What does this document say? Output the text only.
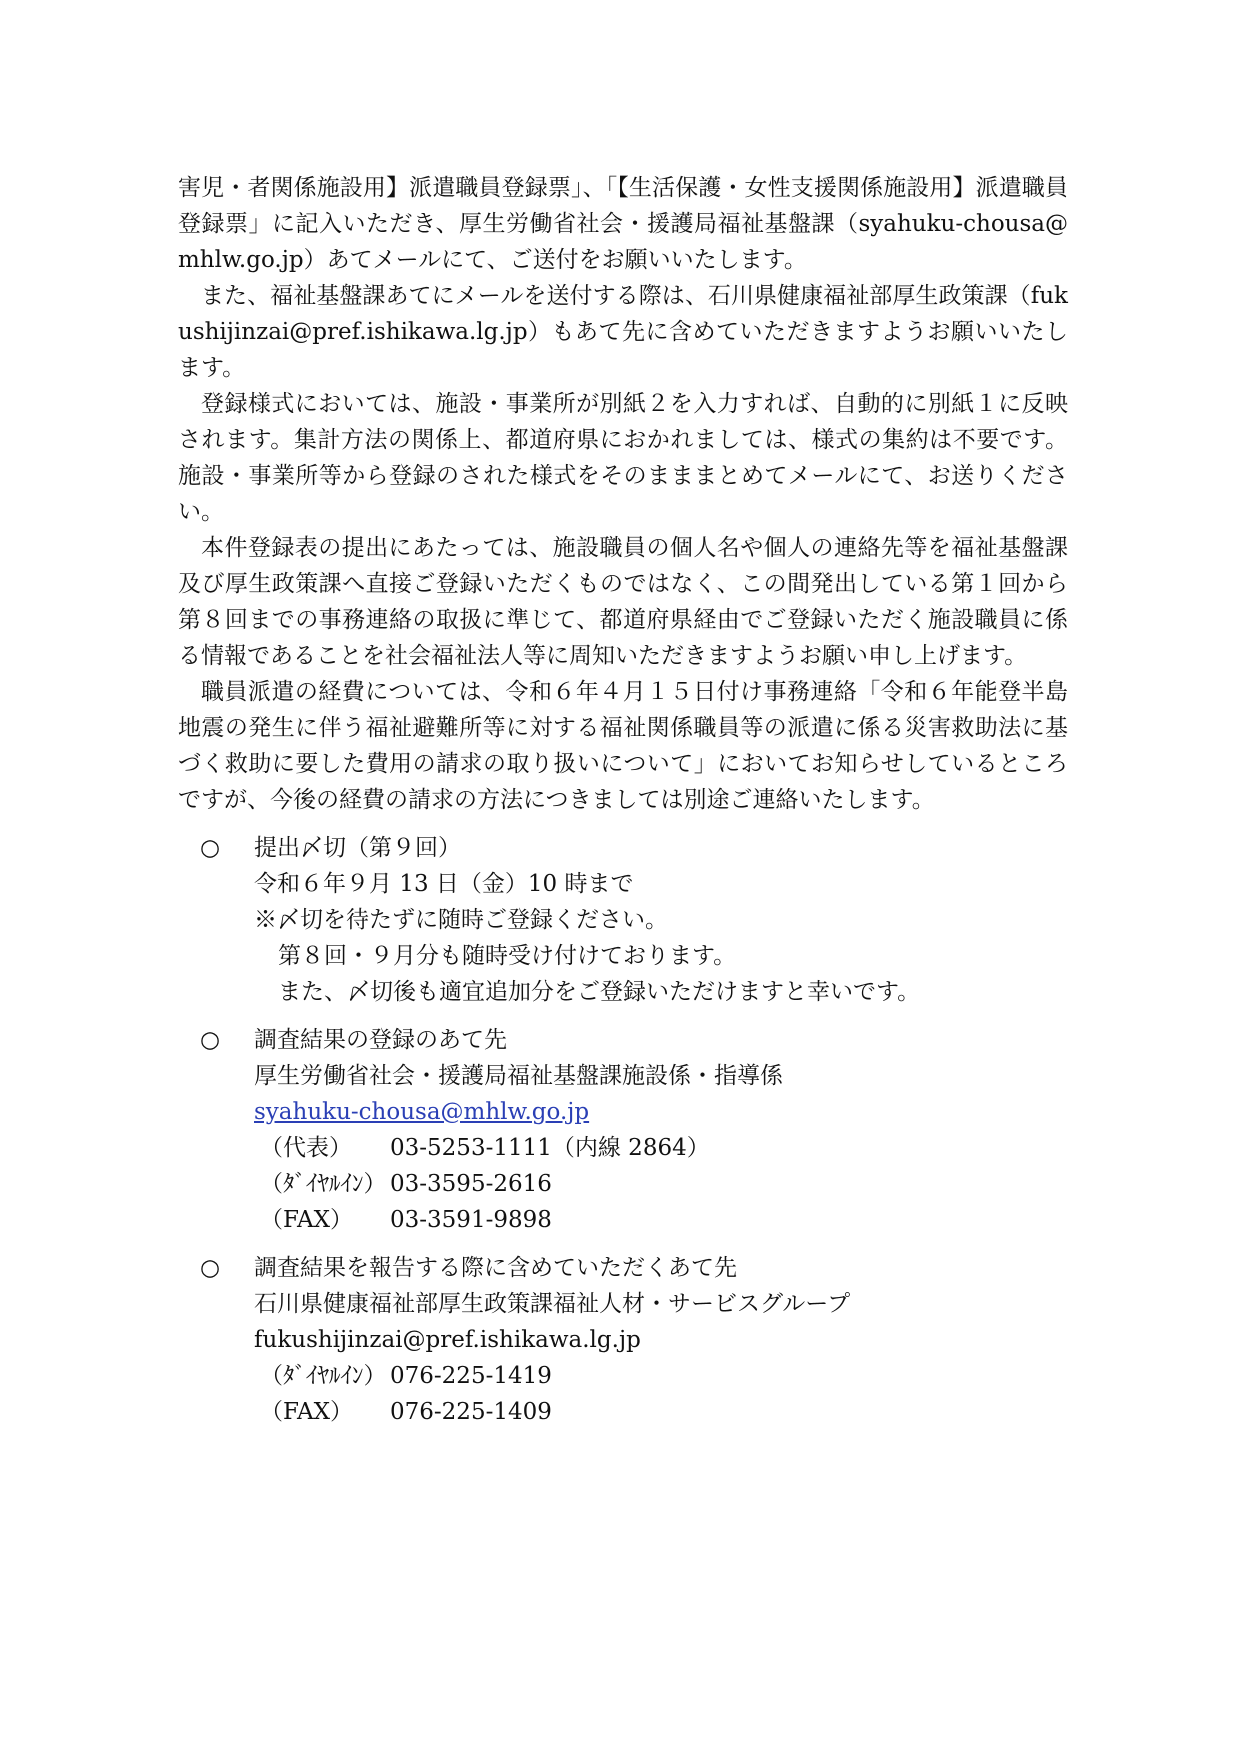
害児・者関係施設用】派遣職員登録票」、「【生活保護・女性支援関係施設用】派遣職員登録票」に記入いただき、厚生労働省社会・援護局福祉基盤課（syahuku-chousa@mhlw.go.jp）あてメールにて、ご送付をお願いいたします。

また、福祉基盤課あてにメールを送付する際は、石川県健康福祉部厚生政策課（fukushijinzai@pref.ishikawa.lg.jp）もあて先に含めていただきますようお願いいたします。

登録様式においては、施設・事業所が別紙２を入力すれば、自動的に別紙１に反映されます。集計方法の関係上、都道府県におかれましては、様式の集約は不要です。施設・事業所等から登録のされた様式をそのまままとめてメールにて、お送りください。

本件登録表の提出にあたっては、施設職員の個人名や個人の連絡先等を福祉基盤課及び厚生政策課へ直接ご登録いただくものではなく、この間発出している第１回から第８回までの事務連絡の取扱に準じて、都道府県経由でご登録いただく施設職員に係る情報であることを社会福祉法人等に周知いただきますようお願い申し上げます。

職員派遣の経費については、令和６年４月１５日付け事務連絡「令和６年能登半島地震の発生に伴う福祉避難所等に対する福祉関係職員等の派遣に係る災害救助法に基づく救助に要した費用の請求の取り扱いについて」においてお知らせしているところですが、今後の経費の請求の方法につきましては別途ご連絡いたします。

○ 提出〆切（第９回）
令和６年９月 13 日（金）10 時まで
※〆切を待たずに随時ご登録ください。
第８回・９月分も随時受け付けております。
また、〆切後も適宜追加分をご登録いただけますと幸いです。
○ 調査結果の登録のあて先
厚生労働省社会・援護局福祉基盤課施設係・指導係
syahuku-chousa@mhlw.go.jp
（代表）	03-5253-1111（内線 2864）
（ﾀﾞｲﾔﾙｲﾝ） 03-3595-2616
（FAX）	03-3591-9898
○ 調査結果を報告する際に含めていただくあて先
石川県健康福祉部厚生政策課福祉人材・サービスグループ
fukushijinzai@pref.ishikawa.lg.jp
（ﾀﾞｲﾔﾙｲﾝ） 076-225-1419
（FAX）	076-225-1409
